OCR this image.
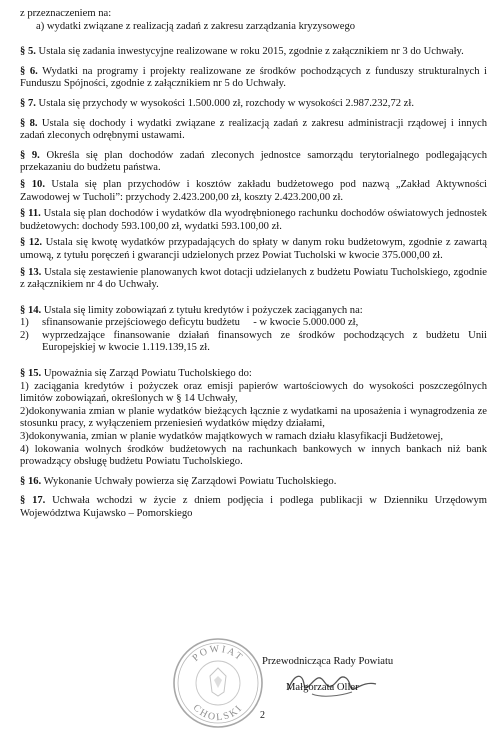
z przeznaczeniem na:

a) wydatki związane z realizacją zadań z zakresu zarządzania kryzysowego

§ 5. Ustala się zadania inwestycyjne realizowane w roku 2015, zgodnie z załącznikiem nr 3 do Uchwały.

§ 6. Wydatki na programy i projekty realizowane ze środków pochodzących z funduszy strukturalnych i Funduszu Spójności, zgodnie z załącznikiem nr 5 do Uchwały.

§ 7. Ustala się przychody w wysokości 1.500.000 zł, rozchody w wysokości 2.987.232,72 zł.

§ 8. Ustala się dochody i wydatki związane z realizacją zadań z zakresu administracji rządowej i innych zadań zleconych odrębnymi ustawami.

§ 9. Określa się plan dochodów zadań zleconych jednostce samorządu terytorialnego podlegających przekazaniu do budżetu państwa.

§ 10. Ustala się plan przychodów i kosztów zakładu budżetowego pod nazwą „Zakład Aktywności Zawodowej w Tucholi”: przychody 2.423.200,00 zł, koszty 2.423.200,00 zł.

§ 11. Ustala się plan dochodów i wydatków dla wyodrębnionego rachunku dochodów oświatowych jednostek budżetowych: dochody 593.100,00 zł, wydatki 593.100,00 zł.

§ 12. Ustala się kwotę wydatków przypadających do spłaty w danym roku budżetowym, zgodnie z zawartą umową, z tytułu poręczeń i gwarancji udzielonych przez Powiat Tucholski w kwocie 375.000,00 zł.

§ 13. Ustala się zestawienie planowanych kwot dotacji udzielanych z budżetu Powiatu Tucholskiego, zgodnie z załącznikiem nr 4 do Uchwały.

§ 14. Ustala się limity zobowiązań z tytułu kredytów i pożyczek zaciąganych na:

1)	sfinansowanie przejściowego deficytu budżetu     - w kwocie 5.000.000 zł,
2)	wyprzedzające finansowanie działań finansowych ze środków pochodzących z budżetu Unii Europejskiej w kwocie 1.119.139,15 zł.

§ 15. Upoważnia się Zarząd Powiatu Tucholskiego do:

1) zaciągania kredytów i pożyczek oraz emisji papierów wartościowych do wysokości poszczególnych limitów zobowiązań, określonych w § 14 Uchwały,

2)dokonywania zmian w planie wydatków bieżących łącznie z wydatkami na uposażenia i wynagrodzenia ze stosunku pracy, z wyłączeniem przeniesień wydatków między działami,

3)dokonywania, zmian w planie wydatków majątkowych w ramach działu klasyfikacji Budżetowej,

4) lokowania wolnych środków budżetowych na rachunkach bankowych w innych bankach niż bank prowadzący obsługę budżetu Powiatu Tucholskiego.

§ 16. Wykonanie Uchwały powierza się Zarządowi Powiatu Tucholskiego.

§ 17. Uchwała wchodzi w życie z dniem podjęcia i podlega publikacji w Dzienniku Urzędowym Województwa Kujawsko – Pomorskiego

POWIAT
CHOLSKI
Przewodnicząca Rady Powiatu
Małgorzata Oller
2
